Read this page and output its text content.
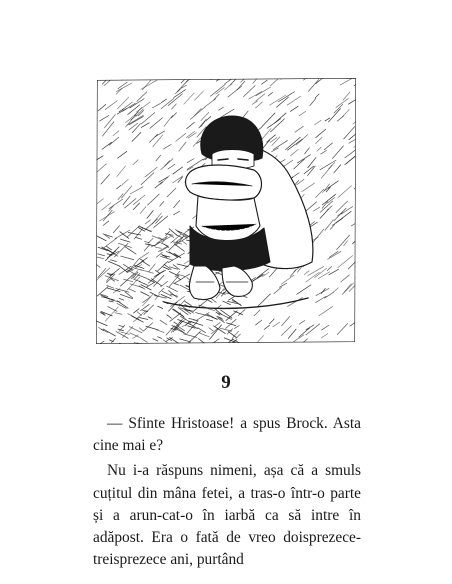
9

— Sfinte Hristoase! a spus Brock. Asta cine mai e?

Nu i-a răspuns nimeni, așa că a smuls cuțitul din mâna fetei, a tras-o într-o parte și a arun-cat-o în iarbă ca să intre în adăpost. Era o fată de vreo doisprezece-treisprezece ani, purtând
